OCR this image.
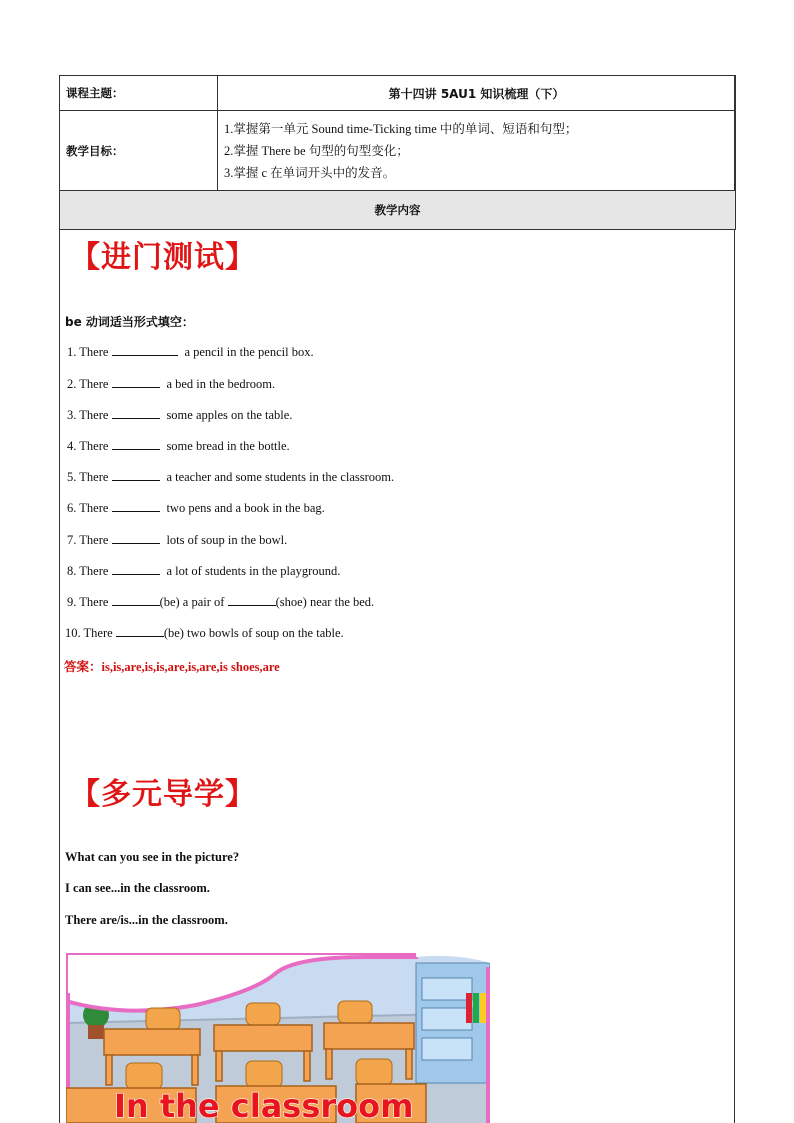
课程主题：	第十四讲 5AU1 知识梳理（下）
教学目标：	1.掌握第一单元 Sound time-Ticking time 中的单词、短语和句型；
2.掌握 There be 句型的句型变化；
3.掌握 c 在单词开头中的发音。

教学内容	
【进门测试】
be 动词适当形式填空：
1. There	a pencil in the pencil box.
2. There	a bed in the bedroom.
3. There	some apples on the table.
4. There	some bread in the bottle.
5. There	a teacher and some students in the classroom.
6. There	two pens and a book in the bag.
7. There	lots of soup in the bowl.
8. There	a lot of students in the playground.
9. There	(be) a pair of	(shoe) near the bed.
10. There	(be) two bowls of soup on the table.
答案：is,is,are,is,is,are,is,are,is shoes,are
【多元导学】
What can you see in the picture?
I can see...in the classroom.
There are/is...in the classroom.
In the classroom
